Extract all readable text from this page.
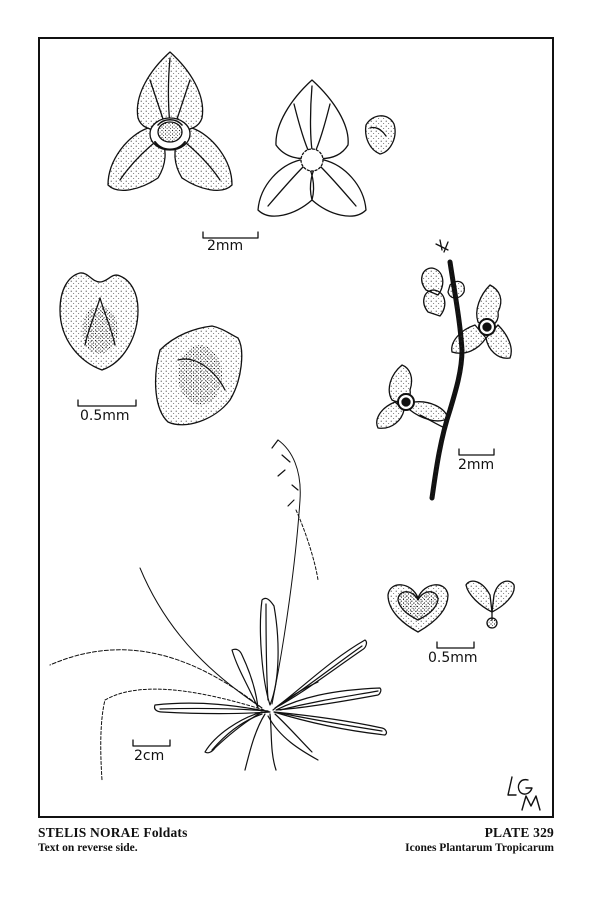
2mm
0.5mm
2mm
0.5mm
2cm
STELIS NORAE Foldats
Text on reverse side.
PLATE 329
Icones Plantarum Tropicarum
